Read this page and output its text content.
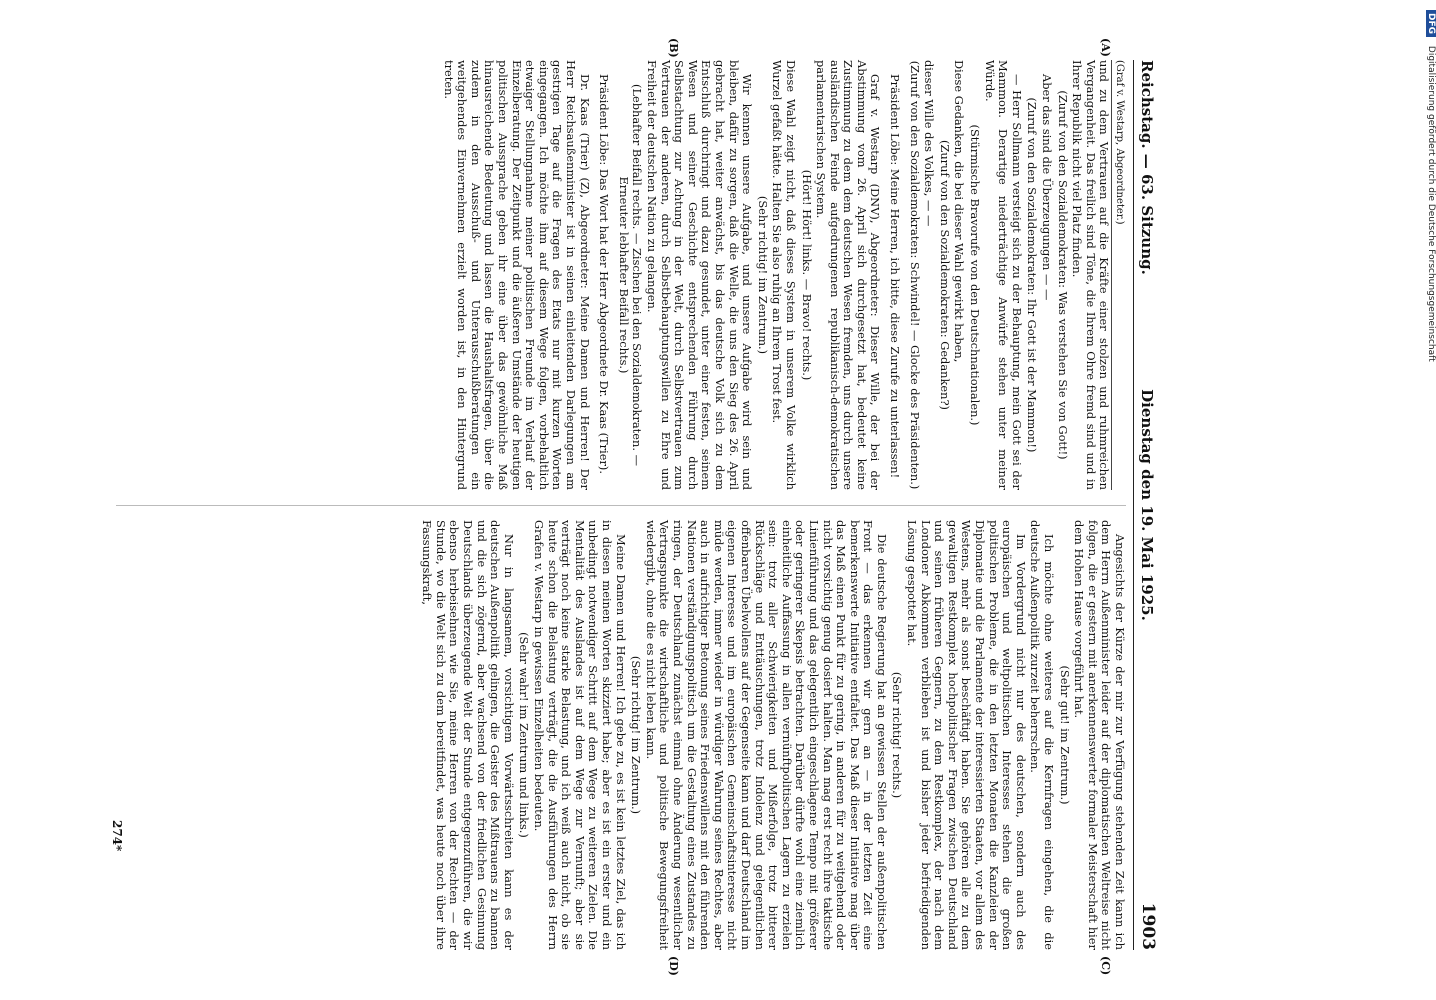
Reichstag. — 63. Sitzung.
Dienstag den 19. Mai 1925.
1903
(A)
(B)
(C)
(D)

(Graf v. Westarp, Abgeordneter.)

und zu dem Vertrauen auf die Kräfte einer stolzen und ruhmreichen Vergangenheit. Das freilich sind Töne, die Ihrem Ohre fremd sind und in Ihrer Republik nicht viel Platz finden.

(Zuruf von den Sozialdemokraten: Was verstehen Sie von Gott!)

Aber das sind die Überzeugungen — —

(Zuruf von den Sozialdemokraten: Ihr Gott ist der Mammon!)

— Herr Sollmann versteigt sich zu der Behauptung, mein Gott sei der Mammon. Derartige niederträchtige Anwürfe stehen unter meiner Würde.

(Stürmische Bravorufe von den Deutschnationalen.)

Diese Gedanken, die bei dieser Wahl gewirkt haben,

(Zuruf von den Sozialdemokraten: Gedanken?)

dieser Wille des Volkes, — —

(Zuruf von den Sozialdemokraten: Schwindel! — Glocke des Präsidenten.)

Präsident Löbe: Meine Herren, ich bitte, diese Zurufe zu unterlassen!

Graf v. Westarp (DNV), Abgeordneter: Dieser Wille, der bei der Abstimmung vom 26. April sich durchgesetzt hat, bedeutet keine Zustimmung zu dem dem deutschen Wesen fremden, uns durch unsere ausländischen Feinde aufgedrungenen republikanisch-demokratischen parlamentarischen System.

(Hört! Hört! links. — Bravo! rechts.)

Diese Wahl zeigt nicht, daß dieses System in unserem Volke wirklich Wurzel gefaßt hätte. Halten Sie also ruhig an Ihrem Trost fest.

(Sehr richtig! im Zentrum.)

Wir kennen unsere Aufgabe, und unsere Aufgabe wird sein und bleiben, dafür zu sorgen, daß die Welle, die uns den Sieg des 26. April gebracht hat, weiter anwächst, bis das deutsche Volk sich zu dem Entschluß durchringt und dazu gesundet, unter einer festen, seinem Wesen und seiner Geschichte entsprechenden Führung durch Selbstachtung zur Achtung in der Welt, durch Selbstvertrauen zum Vertrauen der anderen, durch Selbstbehauptungswillen zu Ehre und Freiheit der deutschen Nation zu gelangen.

(Lebhafter Beifall rechts. — Zischen bei den Sozialdemokraten. — Erneuter lebhafter Beifall rechts.)

Präsident Löbe: Das Wort hat der Herr Abgeordnete Dr. Kaas (Trier).

Dr. Kaas (Trier) (Z), Abgeordneter: Meine Damen und Herren! Der Herr Reichsaußenminister ist in seinen einleitenden Darlegungen am gestrigen Tage auf die Fragen des Etats nur mit kurzen Worten eingegangen. Ich möchte ihm auf diesem Wege folgen, vorbehaltlich etwaiger Stellungnahme meiner politischen Freunde im Verlauf der Einzelberatung. Der Zeitpunkt und die äußeren Umstände der heutigen politischen Aussprache geben ihr eine über das gewöhnliche Maß hinausreichende Bedeutung und lassen die Haushaltsfragen, über die zudem in den Ausschuß- und Unterausschußberatungen ein weitgehendes Einvernehmen erzielt worden ist, in den Hintergrund treten.

Angesichts der Kürze der mir zur Verfügung stehenden Zeit kann ich dem Herrn Außenminister leider auf der diplomatischen Weltreise nicht folgen, die er gestern mit anerkennenswerter formaler Meisterschaft hier dem Hohen Hause vorgeführt hat.

(Sehr gut! im Zentrum.)

Ich möchte ohne weiteres auf die Kernfragen eingehen, die die deutsche Außenpolitik zurzeit beherrschen.

Im Vordergrund nicht nur des deutschen, sondern auch des europäischen und weltpolitischen Interesses stehen die großen politischen Probleme, die in den letzten Monaten die Kanzleien der Diplomatie und die Parlamente der interessierten Staaten, vor allem des Westens, mehr als sonst beschäftigt haben. Sie gehören alle zu dem gewaltigen Restkomplex hochpolitischer Fragen zwischen Deutschland und seinen früheren Gegnern, zu dem Restkomplex, der nach dem Londoner Abkommen verblieben ist und bisher jeder befriedigenden Lösung gespottet hat.

(Sehr richtig! rechts.)

Die deutsche Regierung hat an gewissen Stellen der außenpolitischen Front — das erkennen wir gern an — in der letzten Zeit eine bemerkenswerte Initiative entfaltet. Das Maß dieser Initiative mag über das Maß einen Punkt für zu gering, in anderen für zu weitgehend oder nicht vorsichtig genug dosiert halten. Man mag erst recht ihre taktische Linienführung und das gelegentlich eingeschlagene Tempo mit größerer oder geringerer Skepsis betrachten. Darüber dürfte wohl eine ziemlich einheitliche Auffassung in allen vernünftpolitischen Lagern zu erzielen sein: trotz aller Schwierigkeiten und Mißerfolge, trotz bitterer Rückschläge und Enttäuschungen, trotz Indolenz und gelegentlichen offenbaren Übelwollens auf der Gegenseite kann und darf Deutschland im eigenen Interesse und im europäischen Gemeinschaftsinteresse nicht müde werden, immer wieder in würdiger Wahrung seines Rechtes, aber auch in aufrichtiger Betonung seines Friedenswillens mit den führenden Nationen verständigungspolitisch um die Gestaltung eines Zustandes zu ringen, der Deutschland zunächst einmal ohne Änderung wesentlicher Vertragspunkte die wirtschaftliche und politische Bewegungsfreiheit wiedergibt, ohne die es nicht leben kann.

(Sehr richtig! im Zentrum.)

Meine Damen und Herren! Ich gebe zu, es ist kein letztes Ziel, das ich in diesen meinen Worten skizziert habe; aber es ist ein erster und ein unbedingt notwendiger Schritt auf dem Wege zu weiteren Zielen. Die Mentalität des Auslandes ist auf dem Wege zur Vernunft; aber sie verträgt noch keine starke Belastung, und ich weiß auch nicht, ob sie heute schon die Belastung verträgt, die die Ausführungen des Herrn Grafen v. Westarp in gewissen Einzelheiten bedeuten.

(Sehr wahr! im Zentrum und links.)

Nur in langsamem, vorsichtigem Vorwärtsschreiten kann es der deutschen Außenpolitik gelingen, die Geister des Mißtrauens zu bannen und die sich zögernd, aber wachsend von der friedlichen Gesinnung Deutschlands überzeugende Welt der Stunde entgegenzuführen, die wir ebenso herbeisehnen wie Sie, meine Herren von der Rechten — der Stunde, wo die Welt sich zu dem bereitfindet, was heute noch über ihre Fassungskraft,

274*
DFG Digitalisierung gefördert durch die Deutsche Forschungsgemeinschaft
